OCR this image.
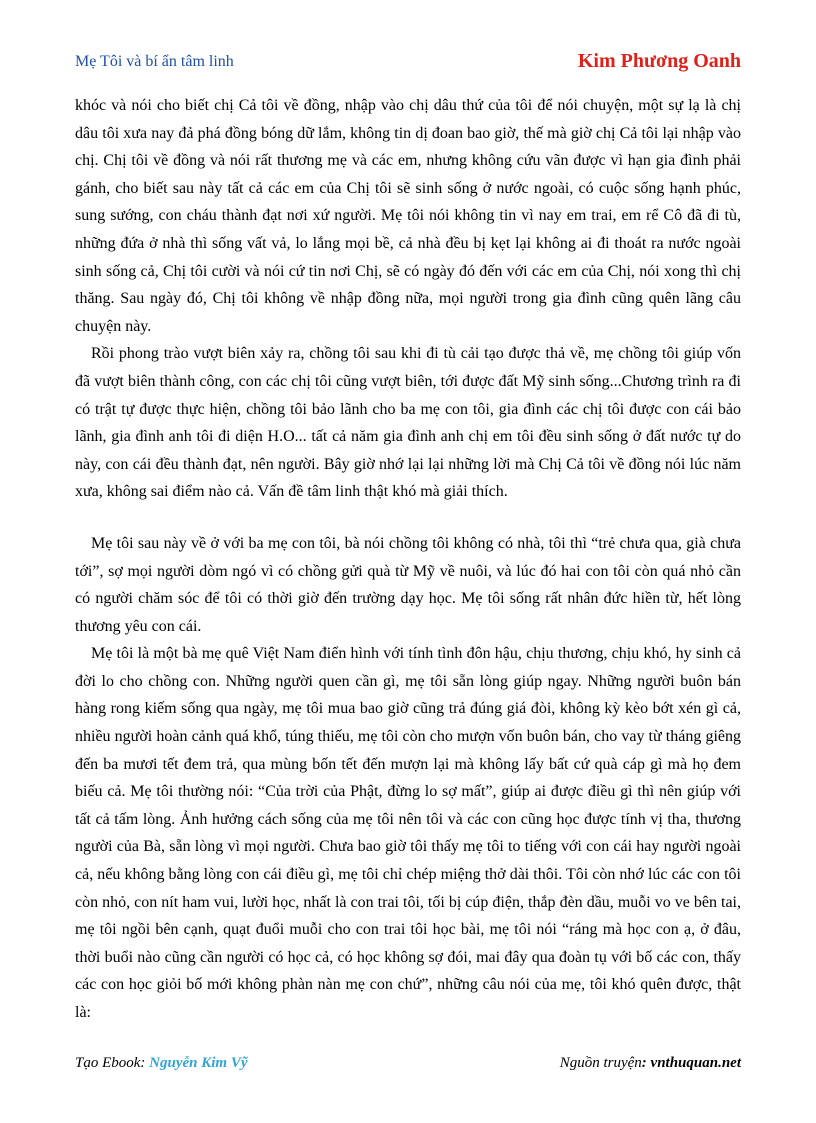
Mẹ Tôi và bí ẩn tâm linh	Kim Phương Oanh

khóc và nói cho biết chị Cả tôi về đồng, nhập vào chị dâu thứ của tôi để nói chuyện, một sự lạ là chị dâu tôi xưa nay đả phá đồng bóng dữ lắm, không tin dị đoan bao giờ, thế mà giờ chị Cả tôi lại nhập vào chị. Chị tôi về đồng và nói rất thương mẹ và các em, nhưng không cứu vãn được vì hạn gia đình phải gánh, cho biết sau này tất cả các em của Chị tôi sẽ sinh sống ở nước ngoài, có cuộc sống hạnh phúc, sung sướng, con cháu thành đạt nơi xứ người. Mẹ tôi nói không tin vì nay em trai, em rể Cô đã đi tù, những đứa ở nhà thì sống vất vả, lo lắng mọi bề, cả nhà đều bị kẹt lại không ai đi thoát ra nước ngoài sinh sống cả, Chị tôi cười và nói cứ tin nơi Chị, sẽ có ngày đó đến với các em của Chị, nói xong thì chị thăng. Sau ngày đó, Chị tôi không về nhập đồng nữa, mọi người trong gia đình cũng quên lãng câu chuyện này.

Rồi phong trào vượt biên xảy ra, chồng tôi sau khi đi tù cải tạo được thả về, mẹ chồng tôi giúp vốn đã vượt biên thành công, con các chị tôi cũng vượt biên, tới được đất Mỹ sinh sống...Chương trình ra đi có trật tự được thực hiện, chồng tôi bảo lãnh cho ba mẹ con tôi, gia đình các chị tôi được con cái bảo lãnh, gia đình anh tôi đi diện H.O... tất cả năm gia đình anh chị em tôi đều sinh sống ở đất nước tự do này, con cái đều thành đạt, nên người. Bây giờ nhớ lại lại những lời mà Chị Cả tôi về đồng nói lúc năm xưa, không sai điểm nào cả. Vấn đề tâm linh thật khó mà giải thích.

Mẹ tôi sau này về ở với ba mẹ con tôi, bà nói chồng tôi không có nhà, tôi thì “trẻ chưa qua, già chưa tới”, sợ mọi người dòm ngó vì có chồng gửi quà từ Mỹ về nuôi, và lúc đó hai con tôi còn quá nhỏ cần có người chăm sóc để tôi có thời giờ đến trường dạy học. Mẹ tôi sống rất nhân đức hiền từ, hết lòng thương yêu con cái.

Mẹ tôi là một bà mẹ quê Việt Nam điển hình với tính tình đôn hậu, chịu thương, chịu khó, hy sinh cả đời lo cho chồng con. Những người quen cần gì, mẹ tôi sẵn lòng giúp ngay. Những người buôn bán hàng rong kiếm sống qua ngày, mẹ tôi mua bao giờ cũng trả đúng giá đòi, không kỳ kèo bớt xén gì cả, nhiều người hoàn cảnh quá khổ, túng thiếu, mẹ tôi còn cho mượn vốn buôn bán, cho vay từ tháng giêng đến ba mươi tết đem trả, qua mùng bốn tết đến mượn lại mà không lấy bất cứ quà cáp gì mà họ đem biếu cả. Mẹ tôi thường nói: “Của trời của Phật, đừng lo sợ mất”, giúp ai được điều gì thì nên giúp với tất cả tấm lòng. Ảnh hưởng cách sống của mẹ tôi nên tôi và các con cũng học được tính vị tha, thương người của Bà, sẵn lòng vì mọi người. Chưa bao giờ tôi thấy mẹ tôi to tiếng với con cái hay người ngoài cả, nếu không bằng lòng con cái điều gì, mẹ tôi chỉ chép miệng thở dài thôi. Tôi còn nhớ lúc các con tôi còn nhỏ, con nít ham vui, lười học, nhất là con trai tôi, tối bị cúp điện, thắp đèn dầu, muỗi vo ve bên tai, mẹ tôi ngồi bên cạnh, quạt đuổi muỗi cho con trai tôi học bài, mẹ tôi nói “ráng mà học con ạ, ở đâu, thời buổi nào cũng cần người có học cả, có học không sợ đói, mai đây qua đoàn tụ với bố các con, thấy các con học giỏi bố mới không phàn nàn mẹ con chứ”, những câu nói của mẹ, tôi khó quên được, thật là:

Tạo Ebook: Nguyễn Kim Vỹ	Nguồn truyện: vnthuquan.net
